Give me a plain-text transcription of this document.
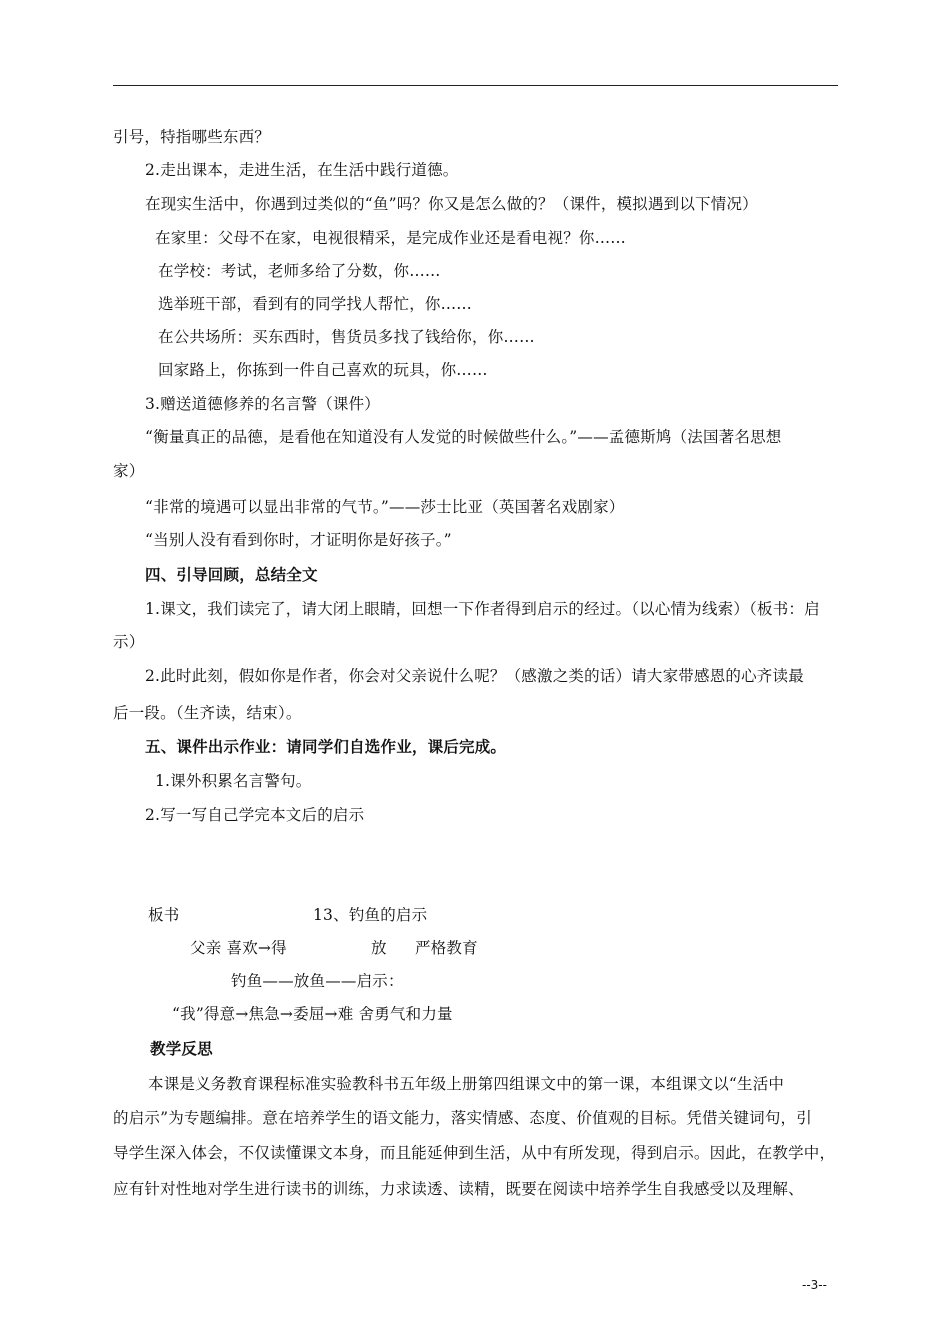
引号，特指哪些东西？
2.走出课本，走进生活，在生活中践行道德。
在现实生活中，你遇到过类似的“鱼”吗？你又是怎么做的？（课件，模拟遇到以下情况）
在家里：父母不在家，电视很精采，是完成作业还是看电视？你……
在学校：考试，老师多给了分数，你……
选举班干部，看到有的同学找人帮忙，你……
在公共场所：买东西时，售货员多找了钱给你，你……
回家路上，你拣到一件自己喜欢的玩具，你……
3.赠送道德修养的名言警（课件）
“衡量真正的品德，是看他在知道没有人发觉的时候做些什么。”——孟德斯鸠（法国著名思想
家）
“非常的境遇可以显出非常的气节。”——莎士比亚（英国著名戏剧家）
“当别人没有看到你时，才证明你是好孩子。”
四、引导回顾，总结全文
1.课文，我们读完了，请大闭上眼睛，回想一下作者得到启示的经过。（以心情为线索）（板书：启
示）
2.此时此刻，假如你是作者，你会对父亲说什么呢？（感激之类的话）请大家带感恩的心齐读最
后一段。（生齐读，结束）。
五、课件出示作业：请同学们自选作业，课后完成。
1.课外积累名言警句。
2.写一写自己学完本文后的启示
板书	13、钓鱼的启示
父亲 喜欢→得	放 严格教育
钓鱼——放鱼——启示：
“我”得意→焦急→委屈→难 舍勇气和力量
教学反思
本课是义务教育课程标准实验教科书五年级上册第四组课文中的第一课，本组课文以“生活中
的启示”为专题编排。意在培养学生的语文能力，落实情感、态度、价值观的目标。凭借关键词句，引
导学生深入体会，不仅读懂课文本身，而且能延伸到生活，从中有所发现，得到启示。因此，在教学中，
应有针对性地对学生进行读书的训练，力求读透、读精，既要在阅读中培养学生自我感受以及理解、
--3--
